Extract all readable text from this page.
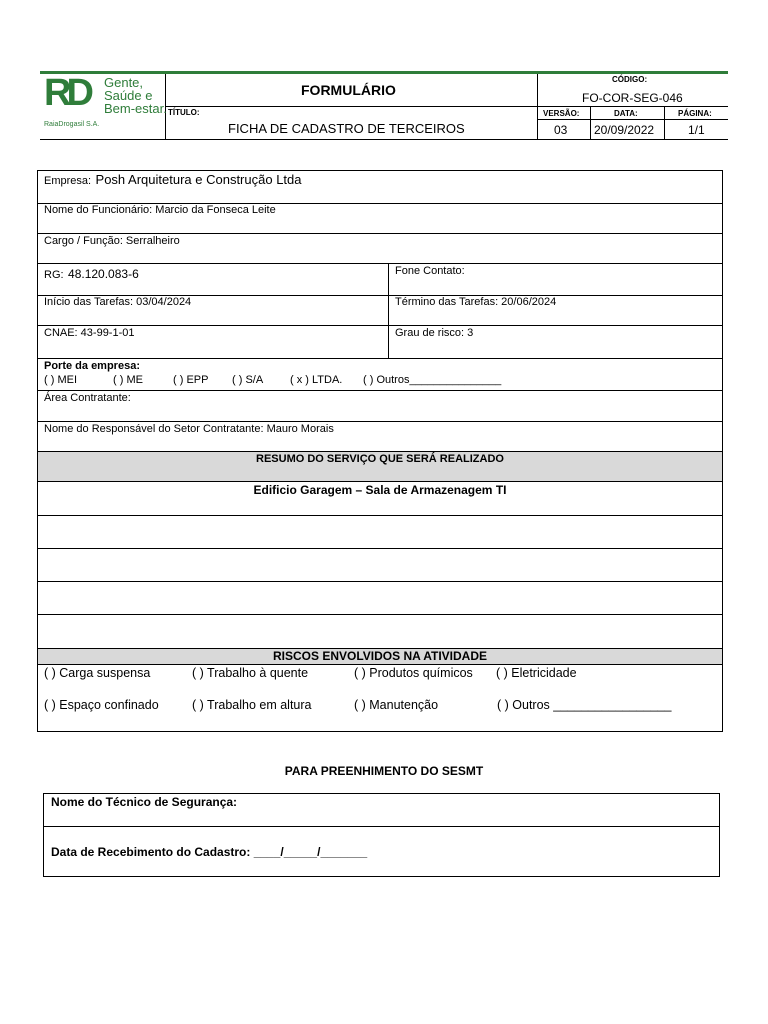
RD Gente,
Saúde e
Bem-estar.
RaiaDrogasil S.A.
FORMULÁRIO
CÓDIGO:
FO-COR-SEG-046
TÍTULO:
FICHA DE CADASTRO DE TERCEIROS
VERSÃO:
03
DATA:
20/09/2022
PÁGINA:
1/1
Empresa: Posh Arquitetura e Construção Ltda
Nome do Funcionário: Marcio da Fonseca Leite
Cargo / Função: Serralheiro
RG: 48.120.083-6	Fone Contato:
Início das Tarefas: 03/04/2024	Término das Tarefas: 20/06/2024
CNAE: 43-99-1-01	Grau de risco: 3
Porte da empresa:
( ) MEI	( ) ME	( ) EPP ( ) S/A ( x ) LTDA. ( ) Outros_______________
Área Contratante:
Nome do Responsável do Setor Contratante: Mauro Morais
RESUMO DO SERVIÇO QUE SERÁ REALIZADO
Edificio Garagem – Sala de Armazenagem TI
RISCOS ENVOLVIDOS NA ATIVIDADE
( ) Carga suspensa	( ) Trabalho à quente	( ) Produtos químicos ( ) Eletricidade
( ) Espaço confinado	( ) Trabalho em altura	( ) Manutenção	( ) Outros _________________
PARA PREENHIMENTO DO SESMT
Nome do Técnico de Segurança:
Data de Recebimento do Cadastro: ____/_____/_______
